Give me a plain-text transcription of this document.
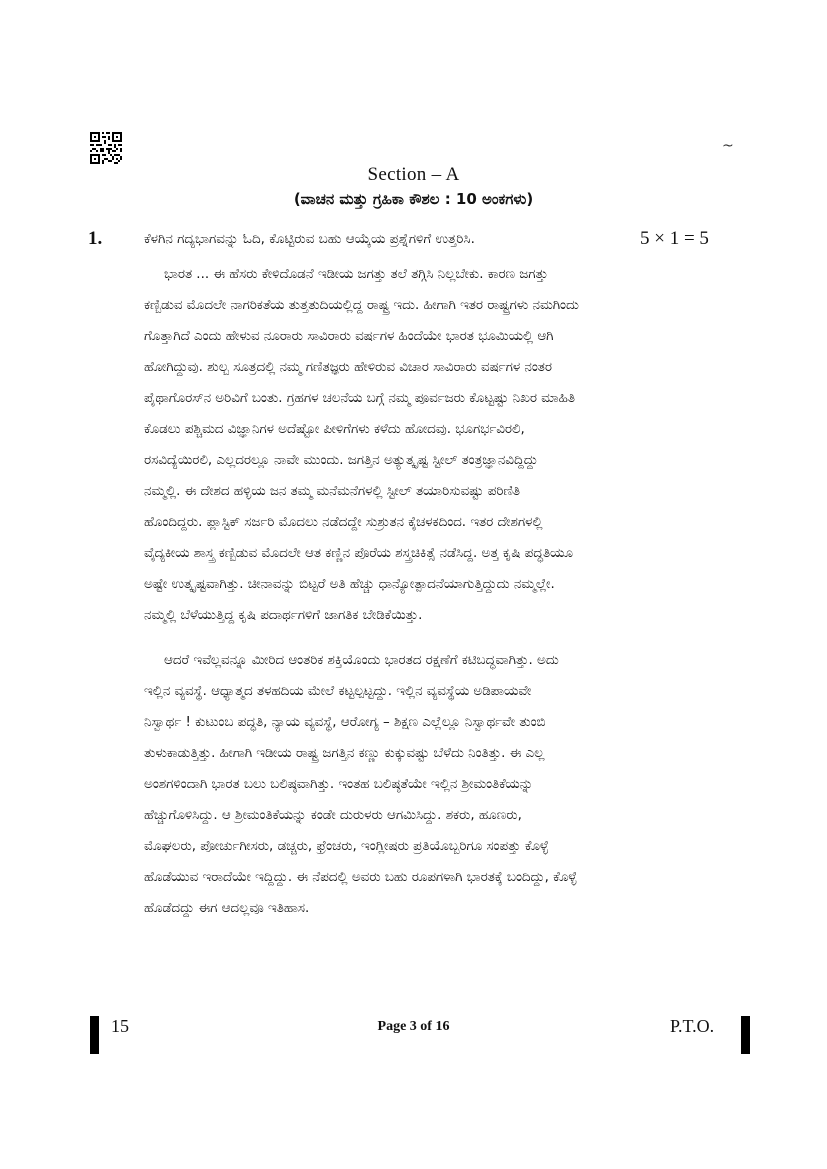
~
Section – A
(ವಾಚನ ಮತ್ತು ಗ್ರಹಿಕಾ ಕೌಶಲ : 10 ಅಂಕಗಳು)
1.	ಕೆಳಗಿನ ಗದ್ಯಭಾಗವನ್ನು ಓದಿ, ಕೊಟ್ಟಿರುವ ಬಹು ಆಯ್ಕೆಯ ಪ್ರಶ್ನೆಗಳಿಗೆ ಉತ್ತರಿಸಿ.	5 × 1 = 5
ಭಾರತ ... ಈ ಹೆಸರು ಕೇಳಿದೊಡನೆ ಇಡೀಯ ಜಗತ್ತು ತಲೆ ತಗ್ಗಿಸಿ ನಿಲ್ಲಬೇಕು. ಕಾರಣ ಜಗತ್ತು
ಕಣ್ಬಿಡುವ ಮೊದಲೇ ನಾಗರಿಕತೆಯ ತುತ್ತತುದಿಯಲ್ಲಿದ್ದ ರಾಷ್ಟ್ರ ಇದು. ಹೀಗಾಗಿ ಇತರ ರಾಷ್ಟ್ರಗಳು ನಮಗಿಂದು
ಗೊತ್ತಾಗಿದೆ ಎಂದು ಹೇಳುವ ನೂರಾರು ಸಾವಿರಾರು ವರ್ಷಗಳ ಹಿಂದೆಯೇ ಭಾರತ ಭೂಮಿಯಲ್ಲಿ ಆಗಿ
ಹೋಗಿದ್ದುವು. ಶುಲ್ಬ ಸೂತ್ರದಲ್ಲಿ ನಮ್ಮ ಗಣಿತಜ್ಞರು ಹೇಳಿರುವ ವಿಚಾರ ಸಾವಿರಾರು ವರ್ಷಗಳ ನಂತರ
ಪೈಥಾಗೊರಸ್‌ನ ಅರಿವಿಗೆ ಬಂತು. ಗ್ರಹಗಳ ಚಲನೆಯ ಬಗ್ಗೆ ನಮ್ಮ ಪೂರ್ವಜರು ಕೊಟ್ಟಷ್ಟು ನಿಖರ ಮಾಹಿತಿ
ಕೊಡಲು ಪಶ್ಚಿಮದ ವಿಜ್ಞಾನಿಗಳ ಅದೆಷ್ಟೋ ಪೀಳಿಗೆಗಳು ಕಳೆದು ಹೋದವು. ಭೂಗರ್ಭವಿರಲಿ,
ರಸವಿದ್ಯೆಯಿರಲಿ, ಎಲ್ಲದರಲ್ಲೂ ನಾವೇ ಮುಂದು. ಜಗತ್ತಿನ ಅತ್ಯುತ್ಕೃಷ್ಟ ಸ್ಟೀಲ್ ತಂತ್ರಜ್ಞಾನವಿದ್ದಿದ್ದು
ನಮ್ಮಲ್ಲಿ. ಈ ದೇಶದ ಹಳ್ಳಿಯ ಜನ ತಮ್ಮ ಮನೆಮನೆಗಳಲ್ಲಿ ಸ್ಟೀಲ್ ತಯಾರಿಸುವಷ್ಟು ಪರಿಣಿತಿ
ಹೊಂದಿದ್ದರು. ಪ್ಲಾಸ್ಟಿಕ್ ಸರ್ಜರಿ ಮೊದಲು ನಡೆದದ್ದೇ ಸುಶ್ರುತನ ಕೈಚಳಕದಿಂದ. ಇತರ ದೇಶಗಳಲ್ಲಿ
ವೈದ್ಯಕೀಯ ಶಾಸ್ತ್ರ ಕಣ್ಬಿಡುವ ಮೊದಲೇ ಆತ ಕಣ್ಣಿನ ಪೊರೆಯ ಶಸ್ತ್ರಚಿಕಿತ್ಸೆ ನಡೆಸಿದ್ದ. ಅತ್ತ ಕೃಷಿ ಪದ್ಧತಿಯೂ
ಅಷ್ಟೇ ಉತ್ಕೃಷ್ಟವಾಗಿತ್ತು. ಚೀನಾವನ್ನು ಬಿಟ್ಟರೆ ಅತಿ ಹೆಚ್ಚು ಧಾನ್ಯೋತ್ಪಾದನೆಯಾಗುತ್ತಿದ್ದುದು ನಮ್ಮಲ್ಲೇ.
ನಮ್ಮಲ್ಲಿ ಬೆಳೆಯುತ್ತಿದ್ದ ಕೃಷಿ ಪದಾರ್ಥಗಳಿಗೆ ಜಾಗತಿಕ ಬೇಡಿಕೆಯಿತ್ತು.
ಆದರೆ ಇವೆಲ್ಲವನ್ನೂ ಮೀರಿದ ಆಂತರಿಕ ಶಕ್ತಿಯೊಂದು ಭಾರತದ ರಕ್ಷಣೆಗೆ ಕಟಿಬದ್ಧವಾಗಿತ್ತು. ಅದು
ಇಲ್ಲಿನ ವ್ಯವಸ್ಥೆ. ಆಧ್ಯಾತ್ಮದ ತಳಹದಿಯ ಮೇಲೆ ಕಟ್ಟಲ್ಪಟ್ಟದ್ದು. ಇಲ್ಲಿನ ವ್ಯವಸ್ಥೆಯ ಅಡಿಪಾಯವೇ
ನಿಸ್ವಾರ್ಥ ! ಕುಟುಂಬ ಪದ್ಧತಿ, ನ್ಯಾಯ ವ್ಯವಸ್ಥೆ, ಆರೋಗ್ಯ – ಶಿಕ್ಷಣ ಎಲ್ಲೆಲ್ಲೂ ನಿಸ್ವಾರ್ಥವೇ ತುಂಬಿ
ತುಳುಕಾಡುತ್ತಿತ್ತು. ಹೀಗಾಗಿ ಇಡೀಯ ರಾಷ್ಟ್ರ ಜಗತ್ತಿನ ಕಣ್ಣು ಕುಕ್ಕುವಷ್ಟು ಬೆಳೆದು ನಿಂತಿತ್ತು. ಈ ಎಲ್ಲ
ಅಂಶಗಳಿಂದಾಗಿ ಭಾರತ ಬಲು ಬಲಿಷ್ಠವಾಗಿತ್ತು. ಇಂತಹ ಬಲಿಷ್ಠತೆಯೇ ಇಲ್ಲಿನ ಶ್ರೀಮಂತಿಕೆಯನ್ನು
ಹೆಚ್ಚುಗೊಳಿಸಿದ್ದು. ಆ ಶ್ರೀಮಂತಿಕೆಯನ್ನು ಕಂಡೇ ದುರುಳರು ಆಗಮಿಸಿದ್ದು. ಶಕರು, ಹೂಣರು,
ಮೊಘಲರು, ಪೋರ್ಚುಗೀಸರು, ಡಚ್ಚರು, ಫ್ರೆಂಚರು, ಇಂಗ್ಲೀಷರು ಪ್ರತಿಯೊಬ್ಬರಿಗೂ ಸಂಪತ್ತು ಕೊಳ್ಳೆ
ಹೊಡೆಯುವ ಇರಾದೆಯೇ ಇದ್ದಿದ್ದು. ಈ ನೆಪದಲ್ಲಿ ಅವರು ಬಹು ರೂಪಗಳಾಗಿ ಭಾರತಕ್ಕೆ ಬಂದಿದ್ದು, ಕೊಳ್ಳೆ
ಹೊಡೆದದ್ದು ಈಗ ಆದಲ್ಲವೂ ಇತಿಹಾಸ.
15	Page 3 of 16	P.T.O.
